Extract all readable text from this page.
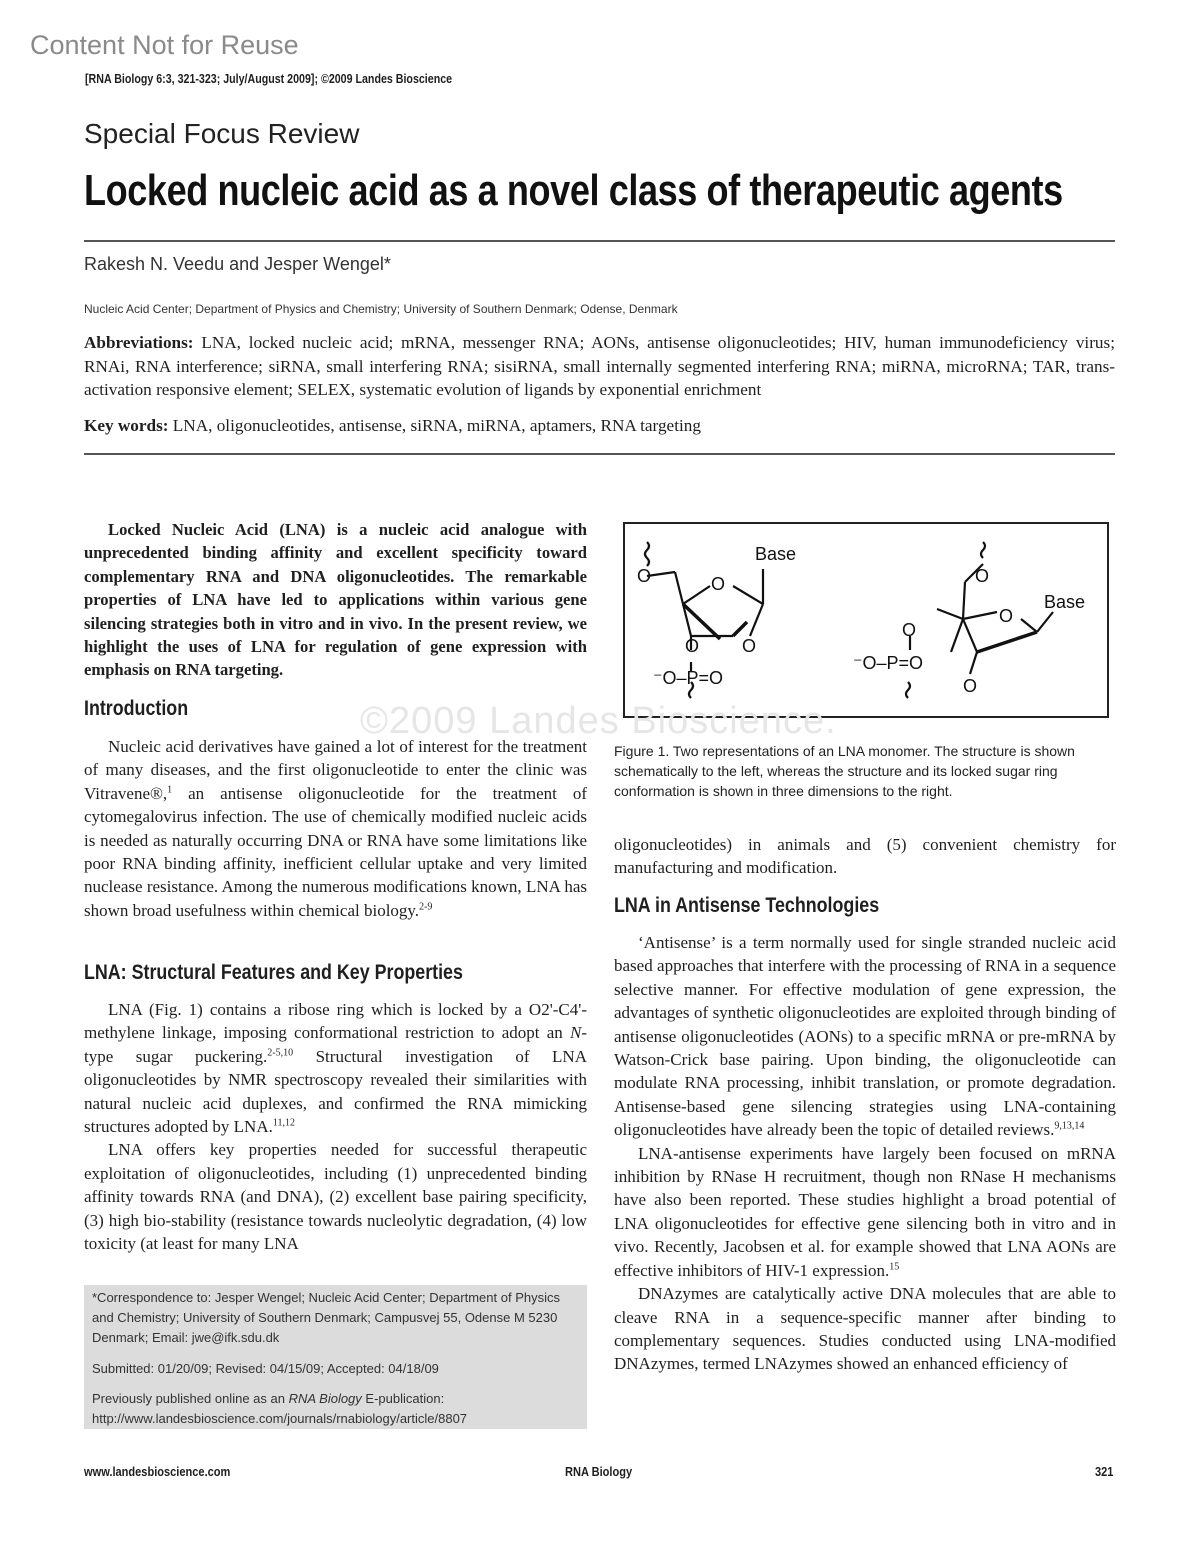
Content Not for Reuse
[RNA Biology 6:3, 321-323; July/August 2009]; ©2009 Landes Bioscience
Special Focus Review
Locked nucleic acid as a novel class of therapeutic agents
Rakesh N. Veedu and Jesper Wengel*
Nucleic Acid Center; Department of Physics and Chemistry; University of Southern Denmark; Odense, Denmark
Abbreviations: LNA, locked nucleic acid; mRNA, messenger RNA; AONs, antisense oligonucleotides; HIV, human immunodeficiency virus; RNAi, RNA interference; siRNA, small interfering RNA; sisiRNA, small internally segmented interfering RNA; miRNA, microRNA; TAR, trans-activation responsive element; SELEX, systematic evolution of ligands by exponential enrichment
Key words: LNA, oligonucleotides, antisense, siRNA, miRNA, aptamers, RNA targeting

Locked Nucleic Acid (LNA) is a nucleic acid analogue with unprecedented binding affinity and excellent specificity toward complementary RNA and DNA oligonucleotides. The remarkable properties of LNA have led to applications within various gene silencing strategies both in vitro and in vivo. In the present review, we highlight the uses of LNA for regulation of gene expression with emphasis on RNA targeting.

Introduction

Nucleic acid derivatives have gained a lot of interest for the treatment of many diseases, and the first oligonucleotide to enter the clinic was Vitravene®,$^1$ an antisense oligonucleotide for the treatment of cytomegalovirus infection. The use of chemically modified nucleic acids is needed as naturally occurring DNA or RNA have some limitations like poor RNA binding affinity, inefficient cellular uptake and very limited nuclease resistance. Among the numerous modifications known, LNA has shown broad usefulness within chemical biology.$^{2-9}$

LNA: Structural Features and Key Properties

LNA (Fig. 1) contains a ribose ring which is locked by a O2'-C4'-methylene linkage, imposing conformational restriction to adopt an N-type sugar puckering.$^{2-5,10}$ Structural investigation of LNA oligonucleotides by NMR spectroscopy revealed their similarities with natural nucleic acid duplexes, and confirmed the RNA mimicking structures adopted by LNA.$^{11,12}$

LNA offers key properties needed for successful therapeutic exploitation of oligonucleotides, including (1) unprecedented binding affinity towards RNA (and DNA), (2) excellent base pairing specificity, (3) high bio-stability (resistance towards nucleolytic degradation, (4) low toxicity (at least for many LNA

Base
O	O
O
O
⁻O–P=O
Base
O
O
O
O
⁻O–P=O
©2009 Landes Bioscience.
Figure 1. Two representations of an LNA monomer. The structure is shown schematically to the left, whereas the structure and its locked sugar ring conformation is shown in three dimensions to the right.

oligonucleotides) in animals and (5) convenient chemistry for manufacturing and modification.

LNA in Antisense Technologies

‘Antisense’ is a term normally used for single stranded nucleic acid based approaches that interfere with the processing of RNA in a sequence selective manner. For effective modulation of gene expression, the advantages of synthetic oligonucleotides are exploited through binding of antisense oligonucleotides (AONs) to a specific mRNA or pre-mRNA by Watson-Crick base pairing. Upon binding, the oligonucleotide can modulate RNA processing, inhibit translation, or promote degradation. Antisense-based gene silencing strategies using LNA-containing oligonucleotides have already been the topic of detailed reviews.$^{9,13,14}$

LNA-antisense experiments have largely been focused on mRNA inhibition by RNase H recruitment, though non RNase H mechanisms have also been reported. These studies highlight a broad potential of LNA oligonucleotides for effective gene silencing both in vitro and in vivo. Recently, Jacobsen et al. for example showed that LNA AONs are effective inhibitors of HIV-1 expression.$^{15}$

DNAzymes are catalytically active DNA molecules that are able to cleave RNA in a sequence-specific manner after binding to complementary sequences. Studies conducted using LNA-modified DNAzymes, termed LNAzymes showed an enhanced efficiency of

*Correspondence to: Jesper Wengel; Nucleic Acid Center; Department of Physics and Chemistry; University of Southern Denmark; Campusvej 55, Odense M 5230 Denmark; Email: jwe@ifk.sdu.dk
Submitted: 01/20/09; Revised: 04/15/09; Accepted: 04/18/09
Previously published online as an RNA Biology E-publication:
http://www.landesbioscience.com/journals/rnabiology/article/8807
www.landesbioscience.com	RNA Biology	321
